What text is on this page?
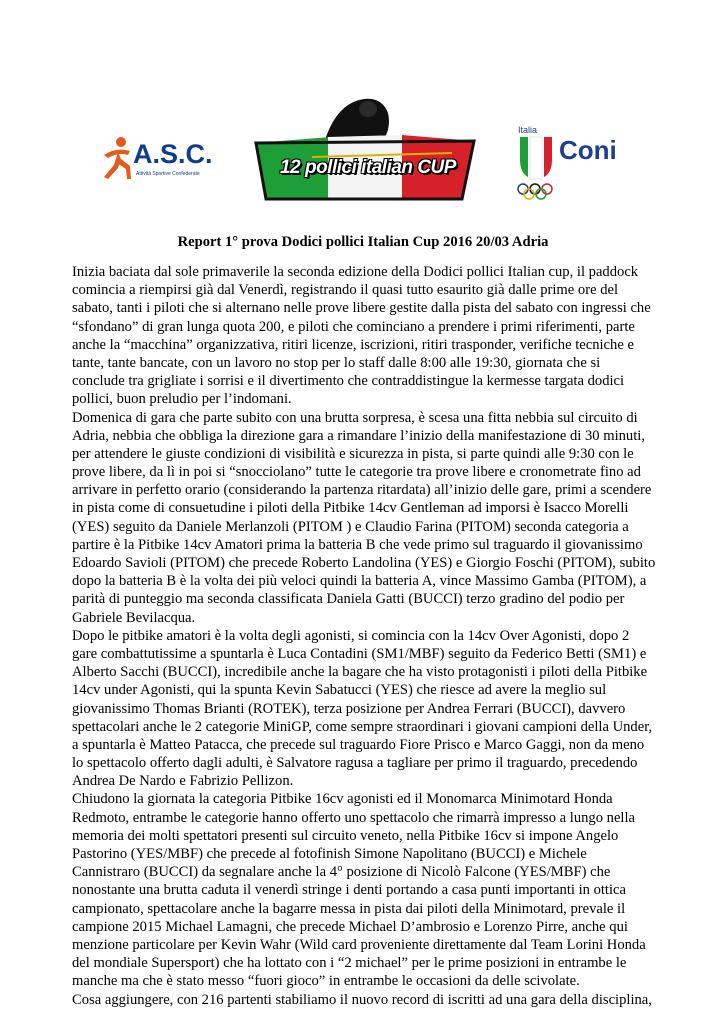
A.S.C.
Attività Sportive Confederate	12 pollici italian CUP
Italia
Coni
Report 1° prova Dodici pollici Italian Cup 2016 20/03 Adria
Inizia baciata dal sole primaverile la seconda edizione della Dodici pollici Italian cup, il paddock
comincia a riempirsi già dal Venerdì, registrando il quasi tutto esaurito già dalle prime ore del
sabato, tanti i piloti che si alternano nelle prove libere gestite dalla pista del sabato con ingressi che
“sfondano” di gran lunga quota 200, e piloti che cominciano a prendere i primi riferimenti, parte
anche la “macchina” organizzativa, ritiri licenze, iscrizioni, ritiri trasponder, verifiche tecniche e
tante, tante bancate, con un lavoro no stop per lo staff dalle 8:00 alle 19:30, giornata che si
conclude tra grigliate i sorrisi e il divertimento che contraddistingue la kermesse targata dodici
pollici, buon preludio per l’indomani.
Domenica di gara che parte subito con una brutta sorpresa, è scesa una fitta nebbia sul circuito di
Adria, nebbia che obbliga la direzione gara a rimandare l’inizio della manifestazione di 30 minuti,
per attendere le giuste condizioni di visibilità e sicurezza in pista, si parte quindi alle 9:30 con le
prove libere, da lì in poi si “snocciolano” tutte le categorie tra prove libere e cronometrate fino ad
arrivare in perfetto orario (considerando la partenza ritardata) all’inizio delle gare, primi a scendere
in pista come di consuetudine i piloti della Pitbike 14cv Gentleman ad imporsi è Isacco Morelli
(YES) seguito da Daniele Merlanzoli (PITOM ) e Claudio Farina (PITOM) seconda categoria a
partire è la Pitbike 14cv Amatori prima la batteria B che vede primo sul traguardo il giovanissimo
Edoardo Savioli (PITOM) che precede Roberto Landolina (YES) e Giorgio Foschi (PITOM), subito
dopo la batteria B è la volta dei più veloci quindi la batteria A, vince Massimo Gamba (PITOM), a
parità di punteggio ma seconda classificata Daniela Gatti (BUCCI) terzo gradino del podio per
Gabriele Bevilacqua.
Dopo le pitbike amatori è la volta degli agonisti, si comincia con la 14cv Over Agonisti, dopo 2
gare combattutissime a spuntarla è Luca Contadini (SM1/MBF) seguito da Federico Betti (SM1) e
Alberto Sacchi (BUCCI), incredibile anche la bagare che ha visto protagonisti i piloti della Pitbike
14cv under Agonisti, qui la spunta Kevin Sabatucci (YES) che riesce ad avere la meglio sul
giovanissimo Thomas Brianti (ROTEK), terza posizione per Andrea Ferrari (BUCCI), davvero
spettacolari anche le 2 categorie MiniGP, come sempre straordinari i giovani campioni della Under,
a spuntarla è Matteo Patacca, che precede sul traguardo Fiore Prisco e Marco Gaggi, non da meno
lo spettacolo offerto dagli adulti, è Salvatore ragusa a tagliare per primo il traguardo, precedendo
Andrea De Nardo e Fabrizio Pellizon.
Chiudono la giornata la categoria Pitbike 16cv agonisti ed il Monomarca Minimotard Honda
Redmoto, entrambe le categorie hanno offerto uno spettacolo che rimarrà impresso a lungo nella
memoria dei molti spettatori presenti sul circuito veneto, nella Pitbike 16cv si impone Angelo
Pastorino (YES/MBF) che precede al fotofinish Simone Napolitano (BUCCI) e Michele
Cannistraro (BUCCI) da segnalare anche la 4° posizione di Nicolò Falcone (YES/MBF) che
nonostante una brutta caduta il venerdì stringe i denti portando a casa punti importanti in ottica
campionato, spettacolare anche la bagarre messa in pista dai piloti della Minimotard, prevale il
campione 2015 Michael Lamagni, che precede Michael D’ambrosio e Lorenzo Pirre, anche qui
menzione particolare per Kevin Wahr (Wild card proveniente direttamente dal Team Lorini Honda
del mondiale Supersport) che ha lottato con i “2 michael” per le prime posizioni in entrambe le
manche ma che è stato messo “fuori gioco” in entrambe le occasioni da delle scivolate.
Cosa aggiungere, con 216 partenti stabiliamo il nuovo record di iscritti ad una gara della disciplina,
